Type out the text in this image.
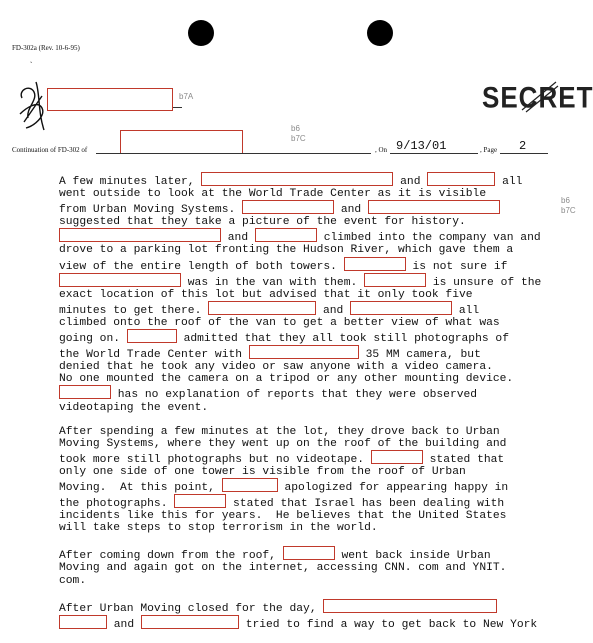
FD-302a (Rev. 10-6-95)
ˋ
b7A	SECRET
b6
b7C
Continuation of FD-302 of	, On 9/13/01	, Page 2
b6
b7C

A few minutes later,	and	all
went outside to look at the World Trade Center as it is visible
from Urban Moving Systems.	and
suggested that they take a picture of the event for history.
and	climbed into the company van and
drove to a parking lot fronting the Hudson River, which gave them a
view of the entire length of both towers.	is not sure if
was in the van with them.	is unsure of the
exact location of this lot but advised that it only took five
minutes to get there.	and	all
climbed onto the roof of the van to get a better view of what was
going on.	admitted that they all took still photographs of
the World Trade Center with	35 MM camera, but
denied that he took any video or saw anyone with a video camera.
No one mounted the camera on a tripod or any other mounting device.
has no explanation of reports that they were observed
videotaping the event.

After spending a few minutes at the lot, they drove back to Urban
Moving Systems, where they went up on the roof of the building and
took more still photographs but no videotape.	stated that
only one side of one tower is visible from the roof of Urban
Moving.  At this point,	apologized for appearing happy in
the photographs.	stated that Israel has been dealing with
incidents like this for years.  He believes that the United States
will take steps to stop terrorism in the world.

After coming down from the roof,	went back inside Urban
Moving and again got on the internet, accessing CNN. com and YNIT.
com.

After Urban Moving closed for the day,
and	tried to find a way to get back to New York
